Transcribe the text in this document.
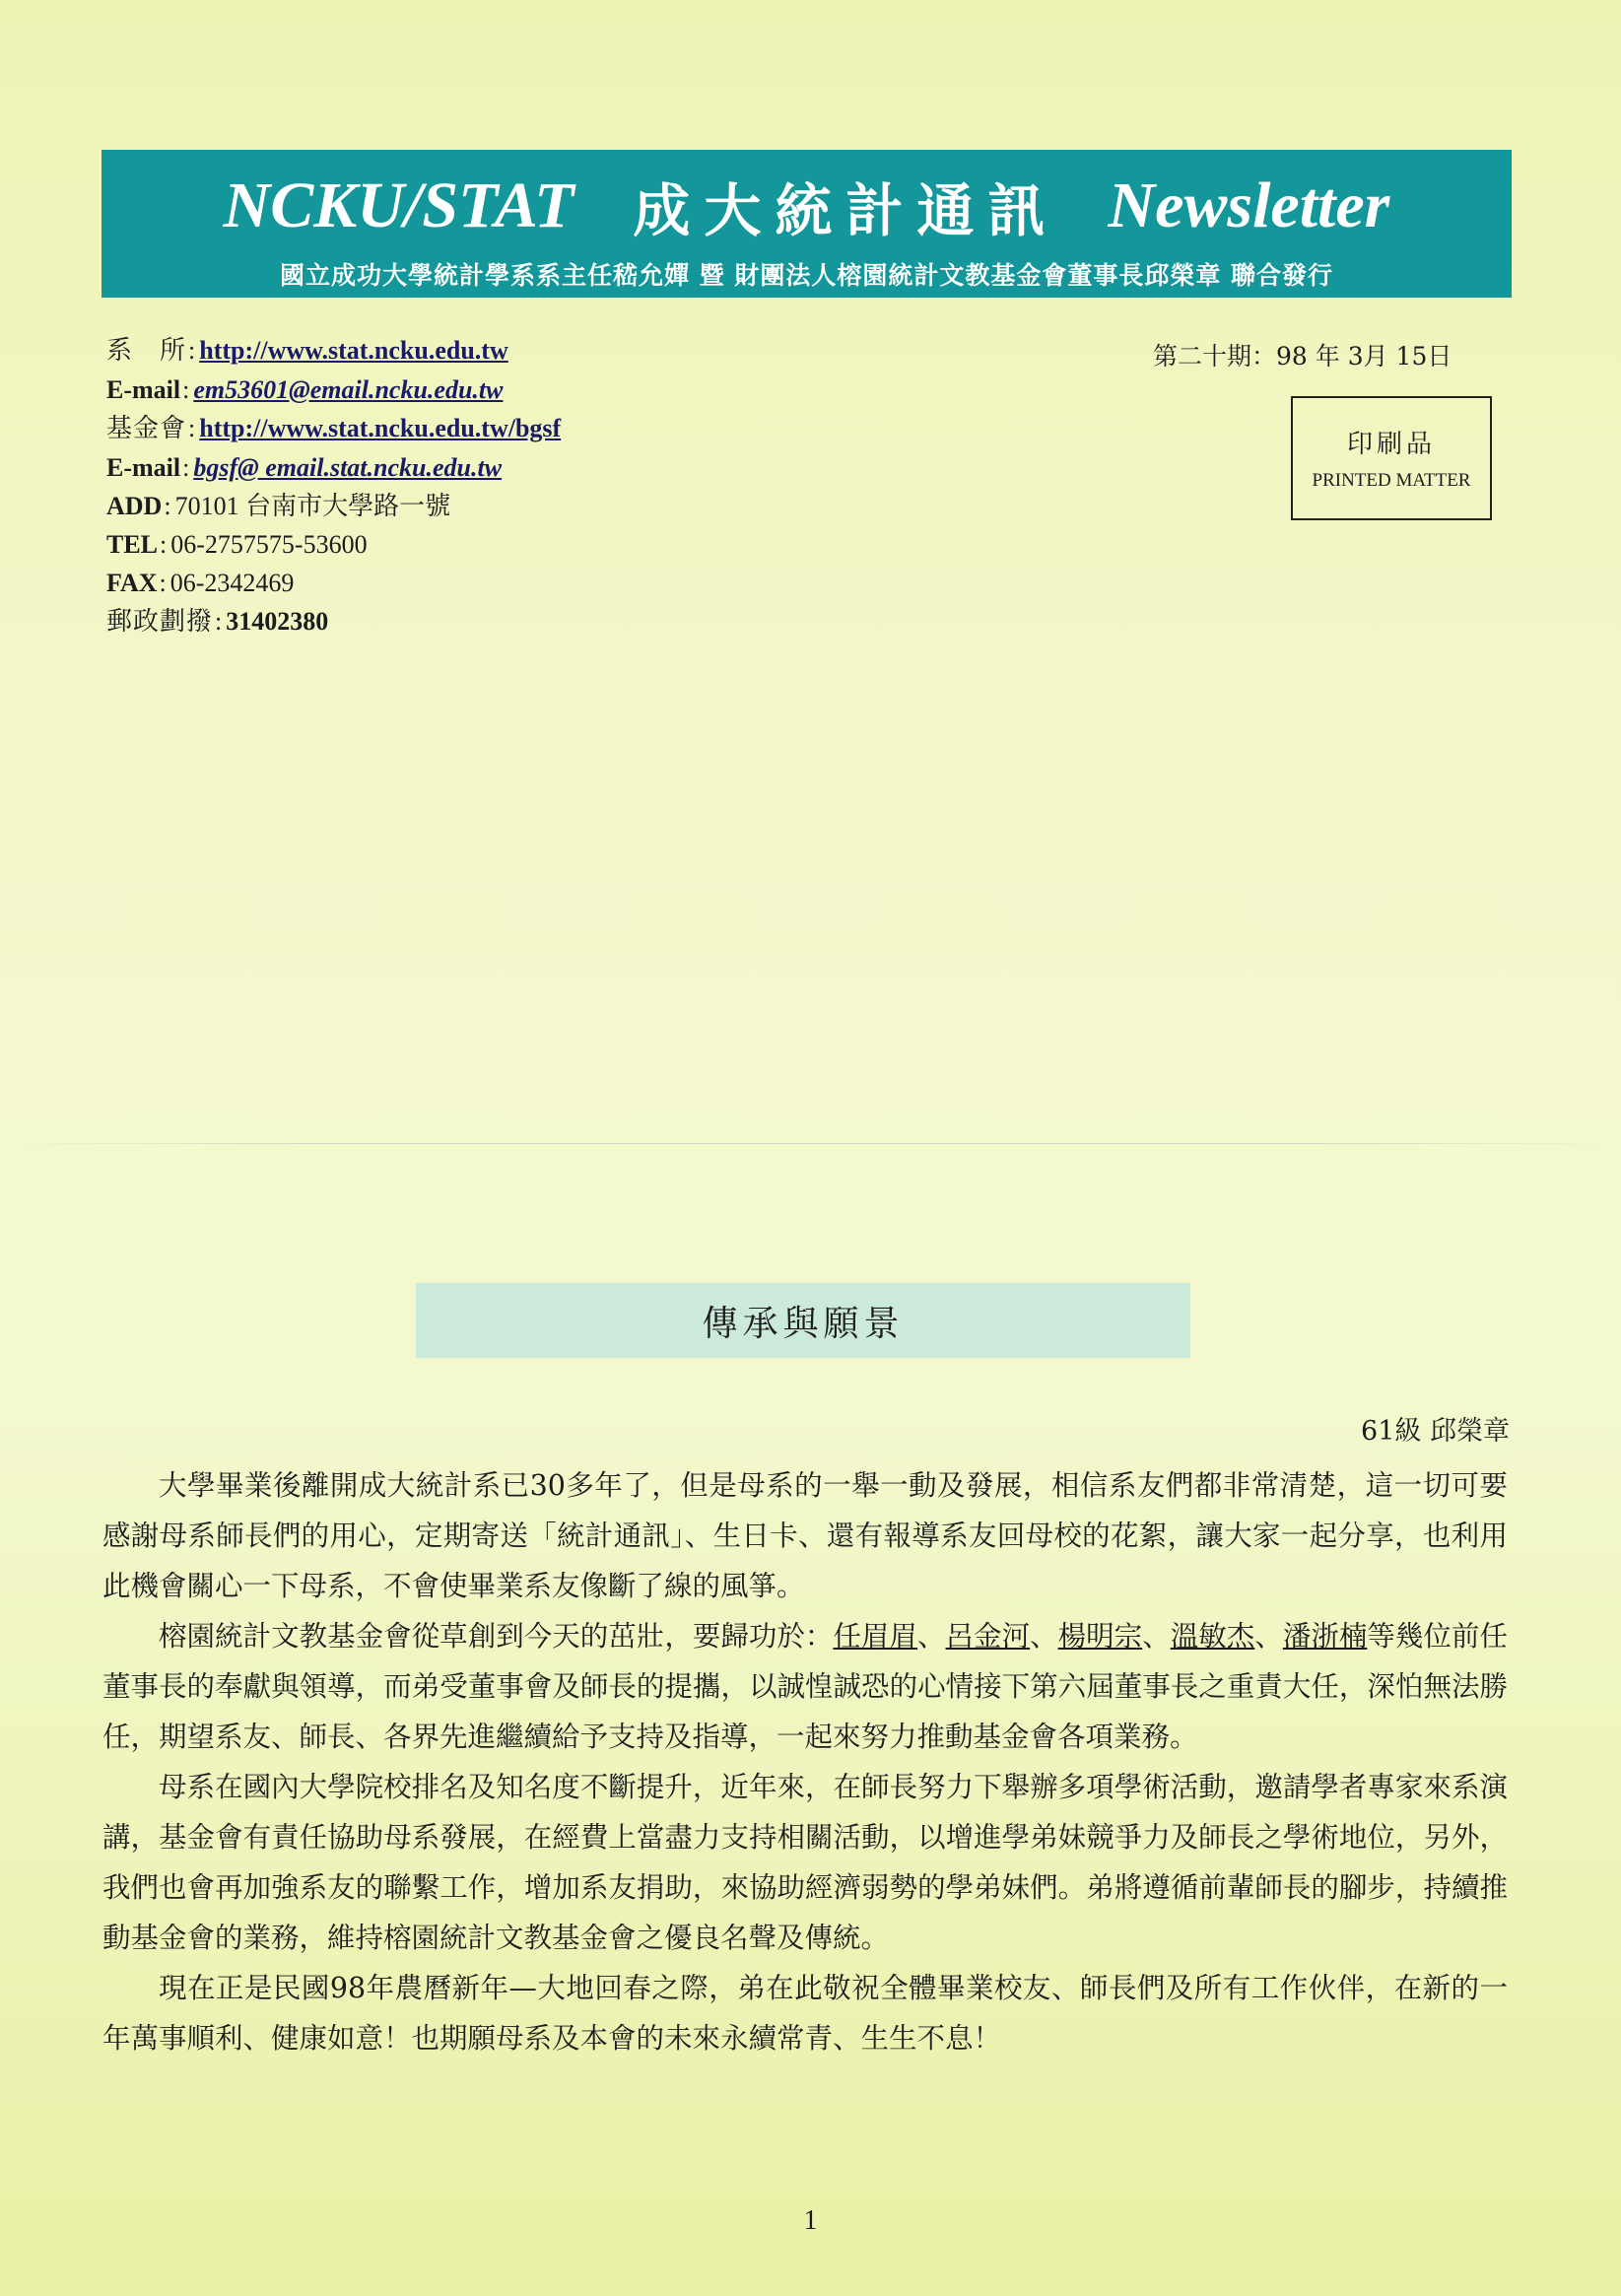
NCKU/STAT 成大統計通訊 Newsletter
國立成功大學統計學系系主任嵇允嬋 暨 財團法人榕園統計文教基金會董事長邱榮章 聯合發行
系　所 : http://www.stat.ncku.edu.tw
E-mail : em53601@email.ncku.edu.tw
基金會 : http://www.stat.ncku.edu.tw/bgsf
E-mail : bgsf@ email.stat.ncku.edu.tw
ADD : 70101 台南市大學路一號
TEL : 06-2757575-53600
FAX : 06-2342469
郵政劃撥 : 31402380
第二十期：98 年 3月 15日
印刷品
PRINTED MATTER
傳承與願景
61級 邱榮章

大學畢業後離開成大統計系已30多年了，但是母系的一舉一動及發展，相信系友們都非常清楚，這一切可要感謝母系師長們的用心，定期寄送「統計通訊」、生日卡、還有報導系友回母校的花絮，讓大家一起分享，也利用此機會關心一下母系，不會使畢業系友像斷了線的風箏。

榕園統計文教基金會從草創到今天的茁壯，要歸功於：任眉眉、呂金河、楊明宗、溫敏杰、潘浙楠等幾位前任董事長的奉獻與領導，而弟受董事會及師長的提攜，以誠惶誠恐的心情接下第六屆董事長之重責大任，深怕無法勝任，期望系友、師長、各界先進繼續給予支持及指導，一起來努力推動基金會各項業務。

母系在國內大學院校排名及知名度不斷提升，近年來，在師長努力下舉辦多項學術活動，邀請學者專家來系演講，基金會有責任協助母系發展，在經費上當盡力支持相關活動，以增進學弟妹競爭力及師長之學術地位，另外，我們也會再加強系友的聯繫工作，增加系友捐助，來協助經濟弱勢的學弟妹們。弟將遵循前輩師長的腳步，持續推動基金會的業務，維持榕園統計文教基金會之優良名聲及傳統。

現在正是民國98年農曆新年—大地回春之際，弟在此敬祝全體畢業校友、師長們及所有工作伙伴，在新的一年萬事順利、健康如意！也期願母系及本會的未來永續常青、生生不息！

1
